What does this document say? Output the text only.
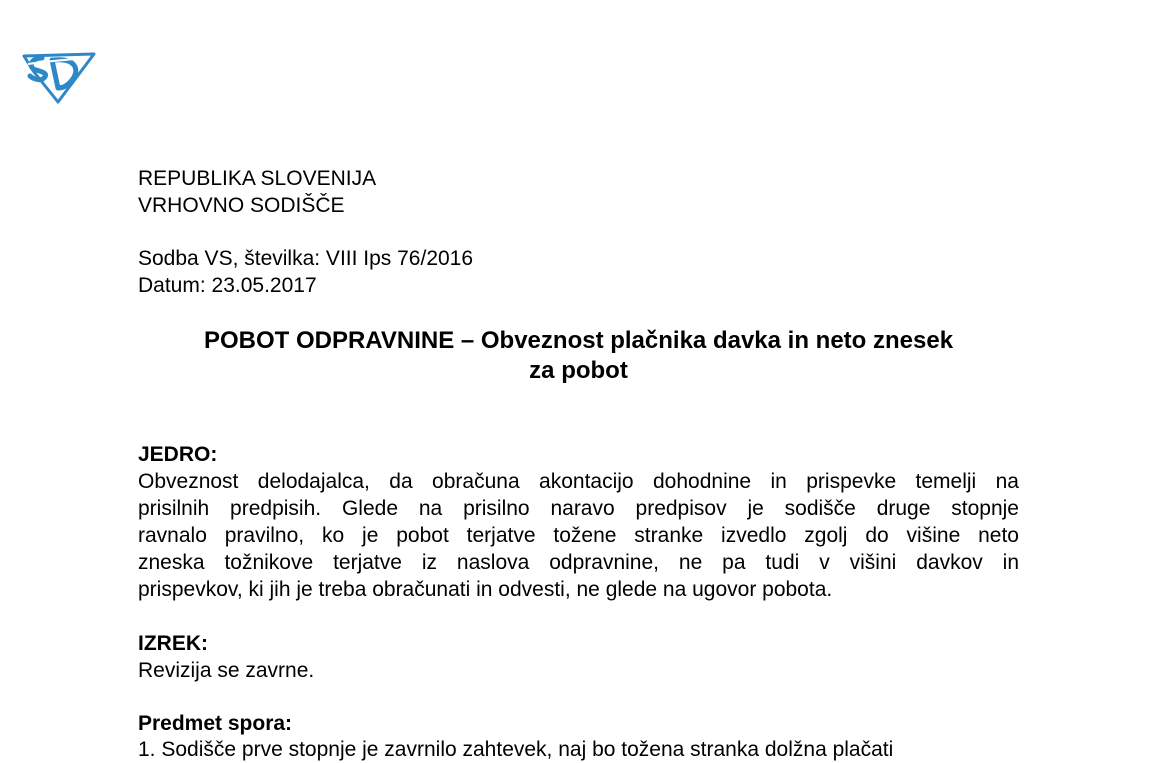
REPUBLIKA SLOVENIJA
VRHOVNO SODIŠČE
Sodba VS, številka: VIII Ips 76/2016
Datum: 23.05.2017
POBOT ODPRAVNINE – Obveznost plačnika davka in neto znesek
za pobot
JEDRO:
Obveznost delodajalca, da obračuna akontacijo dohodnine in prispevke temelji na
prisilnih predpisih. Glede na prisilno naravo predpisov je sodišče druge stopnje
ravnalo pravilno, ko je pobot terjatve tožene stranke izvedlo zgolj do višine neto
zneska tožnikove terjatve iz naslova odpravnine, ne pa tudi v višini davkov in
prispevkov, ki jih je treba obračunati in odvesti, ne glede na ugovor pobota.
IZREK:
Revizija se zavrne.
Predmet spora:
1. Sodišče prve stopnje je zavrnilo zahtevek, naj bo tožena stranka dolžna plačati
